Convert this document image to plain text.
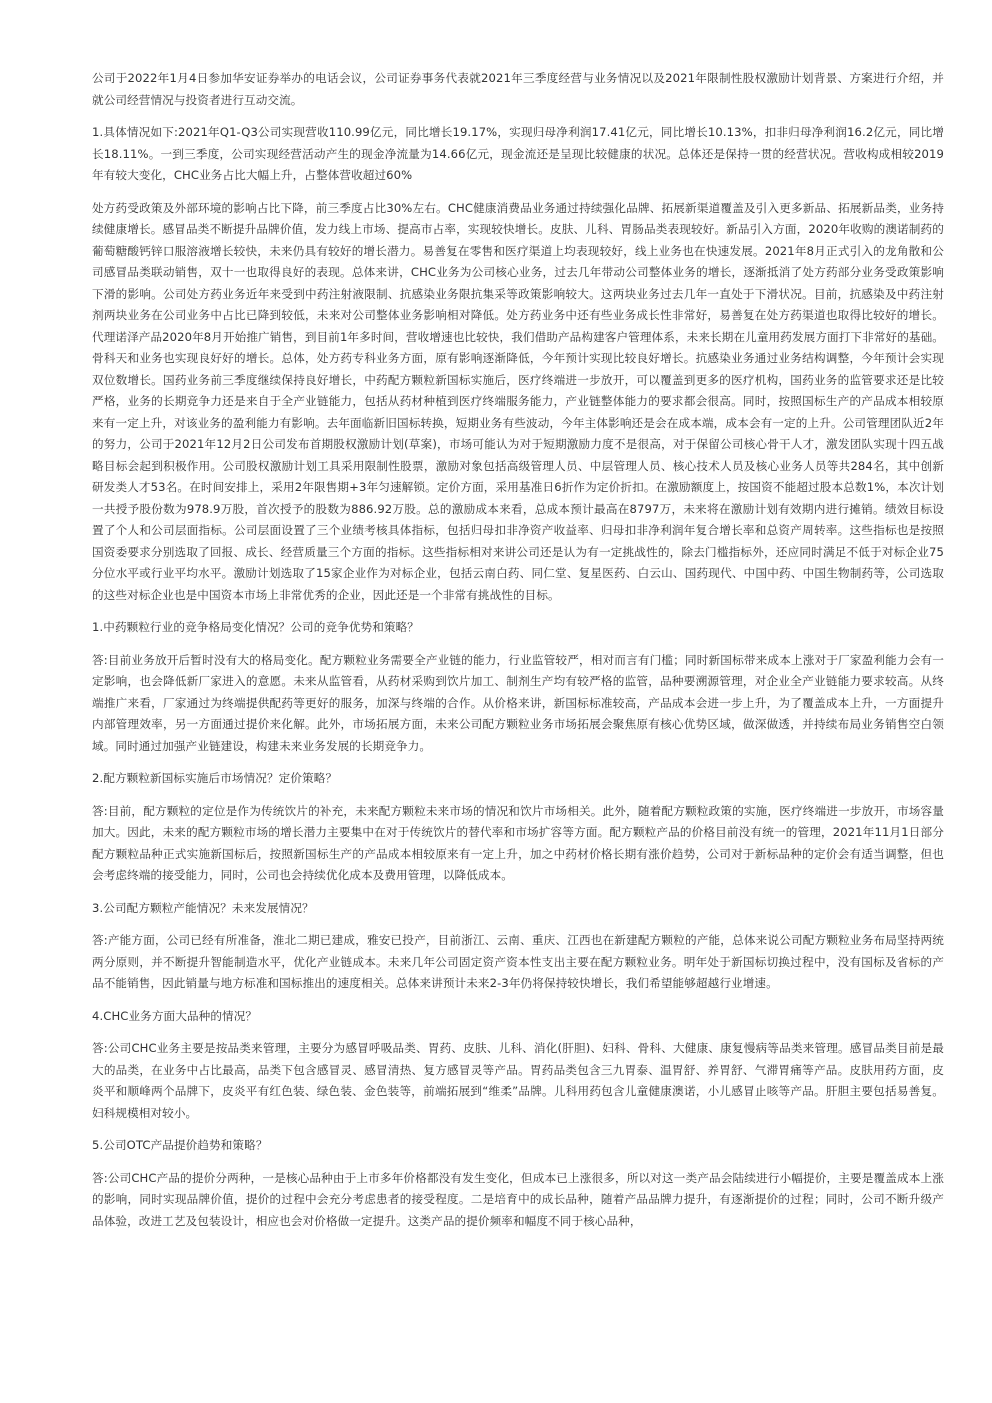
公司于2022年1月4日参加华安证券举办的电话会议，公司证券事务代表就2021年三季度经营与业务情况以及2021年限制性股权激励计划背景、方案进行介绍，并就公司经营情况与投资者进行互动交流。

1.具体情况如下:2021年Q1-Q3公司实现营收110.99亿元，同比增长19.17%，实现归母净利润17.41亿元，同比增长10.13%，扣非归母净利润16.2亿元，同比增长18.11%。一到三季度，公司实现经营活动产生的现金净流量为14.66亿元，现金流还是呈现比较健康的状况。总体还是保持一贯的经营状况。营收构成相较2019年有较大变化，CHC业务占比大幅上升，占整体营收超过60%

处方药受政策及外部环境的影响占比下降，前三季度占比30%左右。CHC健康消费品业务通过持续强化品牌、拓展新渠道覆盖及引入更多新品、拓展新品类，业务持续健康增长。感冒品类不断提升品牌价值，发力线上市场、提高市占率，实现较快增长。皮肤、儿科、胃肠品类表现较好。新品引入方面，2020年收购的澳诺制药的葡萄糖酸钙锌口服溶液增长较快，未来仍具有较好的增长潜力。易善复在零售和医疗渠道上均表现较好，线上业务也在快速发展。2021年8月正式引入的龙角散和公司感冒品类联动销售，双十一也取得良好的表现。总体来讲，CHC业务为公司核心业务，过去几年带动公司整体业务的增长，逐渐抵消了处方药部分业务受政策影响下滑的影响。公司处方药业务近年来受到中药注射液限制、抗感染业务限抗集采等政策影响较大。这两块业务过去几年一直处于下滑状况。目前，抗感染及中药注射剂两块业务在公司业务中占比已降到较低，未来对公司整体业务影响相对降低。处方药业务中还有些业务成长性非常好，易善复在处方药渠道也取得比较好的增长。代理诺泽产品2020年8月开始推广销售，到目前1年多时间，营收增速也比较快，我们借助产品构建客户管理体系，未来长期在儿童用药发展方面打下非常好的基础。骨科天和业务也实现良好好的增长。总体，处方药专科业务方面，原有影响逐渐降低，今年预计实现比较良好增长。抗感染业务通过业务结构调整，今年预计会实现双位数增长。国药业务前三季度继续保持良好增长，中药配方颗粒新国标实施后，医疗终端进一步放开，可以覆盖到更多的医疗机构，国药业务的监管要求还是比较严格，业务的长期竞争力还是来自于全产业链能力，包括从药材种植到医疗终端服务能力，产业链整体能力的要求都会很高。同时，按照国标生产的产品成本相较原来有一定上升，对该业务的盈利能力有影响。去年面临新旧国标转换，短期业务有些波动，今年主体影响还是会在成本端，成本会有一定的上升。公司管理团队近2年的努力，公司于2021年12月2日公司发布首期股权激励计划(草案)，市场可能认为对于短期激励力度不是很高，对于保留公司核心骨干人才，激发团队实现十四五战略目标会起到积极作用。公司股权激励计划工具采用限制性股票，激励对象包括高级管理人员、中层管理人员、核心技术人员及核心业务人员等共284名，其中创新研发类人才53名。在时间安排上，采用2年限售期+3年匀速解锁。定价方面，采用基准日6折作为定价折扣。在激励额度上，按国资不能超过股本总数1%，本次计划一共授予股份数为978.9万股，首次授予的股数为886.92万股。总的激励成本来看，总成本预计最高在8797万，未来将在激励计划有效期内进行摊销。绩效目标设置了个人和公司层面指标。公司层面设置了三个业绩考核具体指标，包括归母扣非净资产收益率、归母扣非净利润年复合增长率和总资产周转率。这些指标也是按照国资委要求分别选取了回报、成长、经营质量三个方面的指标。这些指标相对来讲公司还是认为有一定挑战性的，除去门槛指标外，还应同时满足不低于对标企业75分位水平或行业平均水平。激励计划选取了15家企业作为对标企业，包括云南白药、同仁堂、复星医药、白云山、国药现代、中国中药、中国生物制药等，公司选取的这些对标企业也是中国资本市场上非常优秀的企业，因此还是一个非常有挑战性的目标。

1.中药颗粒行业的竞争格局变化情况？公司的竞争优势和策略？

答:目前业务放开后暂时没有大的格局变化。配方颗粒业务需要全产业链的能力，行业监管较严，相对而言有门槛；同时新国标带来成本上涨对于厂家盈利能力会有一定影响，也会降低新厂家进入的意愿。未来从监管看，从药材采购到饮片加工、制剂生产均有较严格的监管，品种要溯源管理，对企业全产业链能力要求较高。从终端推广来看，厂家通过为终端提供配药等更好的服务，加深与终端的合作。从价格来讲，新国标标准较高，产品成本会进一步上升，为了覆盖成本上升，一方面提升内部管理效率，另一方面通过提价来化解。此外，市场拓展方面，未来公司配方颗粒业务市场拓展会聚焦原有核心优势区域，做深做透，并持续布局业务销售空白领域。同时通过加强产业链建设，构建未来业务发展的长期竞争力。

2.配方颗粒新国标实施后市场情况？定价策略？

答:目前，配方颗粒的定位是作为传统饮片的补充，未来配方颗粒未来市场的情况和饮片市场相关。此外，随着配方颗粒政策的实施，医疗终端进一步放开，市场容量加大。因此，未来的配方颗粒市场的增长潜力主要集中在对于传统饮片的替代率和市场扩容等方面。配方颗粒产品的价格目前没有统一的管理，2021年11月1日部分配方颗粒品种正式实施新国标后，按照新国标生产的产品成本相较原来有一定上升，加之中药材价格长期有涨价趋势，公司对于新标品种的定价会有适当调整，但也会考虑终端的接受能力，同时，公司也会持续优化成本及费用管理，以降低成本。

3.公司配方颗粒产能情况？未来发展情况？

答:产能方面，公司已经有所准备，淮北二期已建成，雅安已投产，目前浙江、云南、重庆、江西也在新建配方颗粒的产能，总体来说公司配方颗粒业务布局坚持两统两分原则，并不断提升智能制造水平，优化产业链成本。未来几年公司固定资产资本性支出主要在配方颗粒业务。明年处于新国标切换过程中，没有国标及省标的产品不能销售，因此销量与地方标准和国标推出的速度相关。总体来讲预计未来2-3年仍将保持较快增长，我们希望能够超越行业增速。

4.CHC业务方面大品种的情况？

答:公司CHC业务主要是按品类来管理，主要分为感冒呼吸品类、胃药、皮肤、儿科、消化(肝胆)、妇科、骨科、大健康、康复慢病等品类来管理。感冒品类目前是最大的品类，在业务中占比最高，品类下包含感冒灵、感冒清热、复方感冒灵等产品。胃药品类包含三九胃泰、温胃舒、养胃舒、气滞胃痛等产品。皮肤用药方面，皮炎平和顺峰两个品牌下，皮炎平有红色装、绿色装、金色装等，前端拓展到“维柔”品牌。儿科用药包含儿童健康澳诺，小儿感冒止咳等产品。肝胆主要包括易善复。妇科规模相对较小。

5.公司OTC产品提价趋势和策略？

答:公司CHC产品的提价分两种，一是核心品种由于上市多年价格都没有发生变化，但成本已上涨很多，所以对这一类产品会陆续进行小幅提价，主要是覆盖成本上涨的影响，同时实现品牌价值，提价的过程中会充分考虑患者的接受程度。二是培育中的成长品种，随着产品品牌力提升，有逐渐提价的过程；同时，公司不断升级产品体验，改进工艺及包装设计，相应也会对价格做一定提升。这类产品的提价频率和幅度不同于核心品种，
